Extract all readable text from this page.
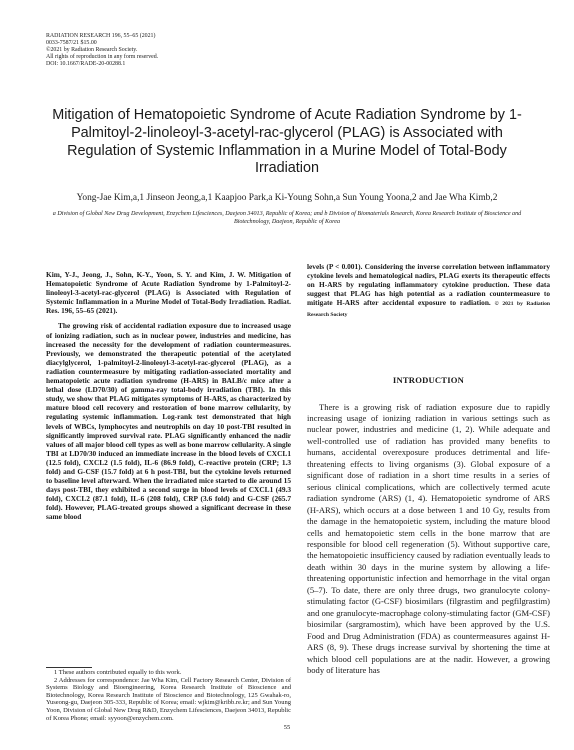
RADIATION RESEARCH 196, 55–65 (2021)
0033-7587/21 $15.00
©2021 by Radiation Research Society.
All rights of reproduction in any form reserved.
DOI: 10.1667/RADE-20-00288.1
Mitigation of Hematopoietic Syndrome of Acute Radiation Syndrome by 1-Palmitoyl-2-linoleoyl-3-acetyl-rac-glycerol (PLAG) is Associated with Regulation of Systemic Inflammation in a Murine Model of Total-Body Irradiation
Yong-Jae Kim,a,1 Jinseon Jeong,a,1 Kaapjoo Park,a Ki-Young Sohn,a Sun Young Yoona,2 and Jae Wha Kimb,2
a Division of Global New Drug Development, Enzychem Lifesciences, Daejeon 34013, Republic of Korea; and b Division of Biomaterials Research, Korea Research Institute of Bioscience and Biotechnology, Daejeon, Republic of Korea

Kim, Y-J., Jeong, J., Sohn, K-Y., Yoon, S. Y. and Kim, J. W. Mitigation of Hematopoietic Syndrome of Acute Radiation Syndrome by 1-Palmitoyl-2-linoleoyl-3-acetyl-rac-glycerol (PLAG) is Associated with Regulation of Systemic Inflammation in a Murine Model of Total-Body Irradiation. Radiat. Res. 196, 55–65 (2021).

The growing risk of accidental radiation exposure due to increased usage of ionizing radiation, such as in nuclear power, industries and medicine, has increased the necessity for the development of radiation countermeasures. Previously, we demonstrated the therapeutic potential of the acetylated diacylglycerol, 1-palmitoyl-2-linoleoyl-3-acetyl-rac-glycerol (PLAG), as a radiation countermeasure by mitigating radiation-associated mortality and hematopoietic acute radiation syndrome (H-ARS) in BALB/c mice after a lethal dose (LD70/30) of gamma-ray total-body irradiation (TBI). In this study, we show that PLAG mitigates symptoms of H-ARS, as characterized by mature blood cell recovery and restoration of bone marrow cellularity, by regulating systemic inflammation. Log-rank test demonstrated that high levels of WBCs, lymphocytes and neutrophils on day 10 post-TBI resulted in significantly improved survival rate. PLAG significantly enhanced the nadir values of all major blood cell types as well as bone marrow cellularity. A single TBI at LD70/30 induced an immediate increase in the blood levels of CXCL1 (12.5 fold), CXCL2 (1.5 fold), IL-6 (86.9 fold), C-reactive protein (CRP; 1.3 fold) and G-CSF (15.7 fold) at 6 h post-TBI, but the cytokine levels returned to baseline level afterward. When the irradiated mice started to die around 15 days post-TBI, they exhibited a second surge in blood levels of CXCL1 (49.3 fold), CXCL2 (87.1 fold), IL-6 (208 fold), CRP (3.6 fold) and G-CSF (265.7 fold). However, PLAG-treated groups showed a significant decrease in these same blood

1 These authors contributed equally to this work.

2 Addresses for correspondence: Jae Wha Kim, Cell Factory Research Center, Division of Systems Biology and Bioengineering, Korea Research Institute of Bioscience and Biotechnology, Korea Research Institute of Bioscience and Biotechnology, 125 Gwahak-ro, Yuseong-gu, Daejeon 305-333, Republic of Korea; email: wjkim@kribb.re.kr; and Sun Young Yoon, Division of Global New Drug R&D, Enzychem Lifesciences, Daejeon 34013, Republic of Korea Phone; email: syyoon@enzychem.com.

levels (P < 0.001). Considering the inverse correlation between inflammatory cytokine levels and hematological nadirs, PLAG exerts its therapeutic effects on H-ARS by regulating inflammatory cytokine production. These data suggest that PLAG has high potential as a radiation countermeasure to mitigate H-ARS after accidental exposure to radiation. © 2021 by Radiation Research Society

INTRODUCTION

There is a growing risk of radiation exposure due to rapidly increasing usage of ionizing radiation in various settings such as nuclear power, industries and medicine (1, 2). While adequate and well-controlled use of radiation has provided many benefits to humans, accidental overexposure produces detrimental and life-threatening effects to living organisms (3). Global exposure of a significant dose of radiation in a short time results in a series of serious clinical complications, which are collectively termed acute radiation syndrome (ARS) (1, 4). Hematopoietic syndrome of ARS (H-ARS), which occurs at a dose between 1 and 10 Gy, results from the damage in the hematopoietic system, including the mature blood cells and hematopoietic stem cells in the bone marrow that are responsible for blood cell regeneration (5). Without supportive care, the hematopoietic insufficiency caused by radiation eventually leads to death within 30 days in the murine system by allowing a life-threatening opportunistic infection and hemorrhage in the vital organ (5–7). To date, there are only three drugs, two granulocyte colony-stimulating factor (G-CSF) biosimilars (filgrastim and pegfilgrastim) and one granulocyte-macrophage colony-stimulating factor (GM-CSF) biosimilar (sargramostim), which have been approved by the U.S. Food and Drug Administration (FDA) as countermeasures against H-ARS (8, 9). These drugs increase survival by shortening the time at which blood cell populations are at the nadir. However, a growing body of literature has

55
